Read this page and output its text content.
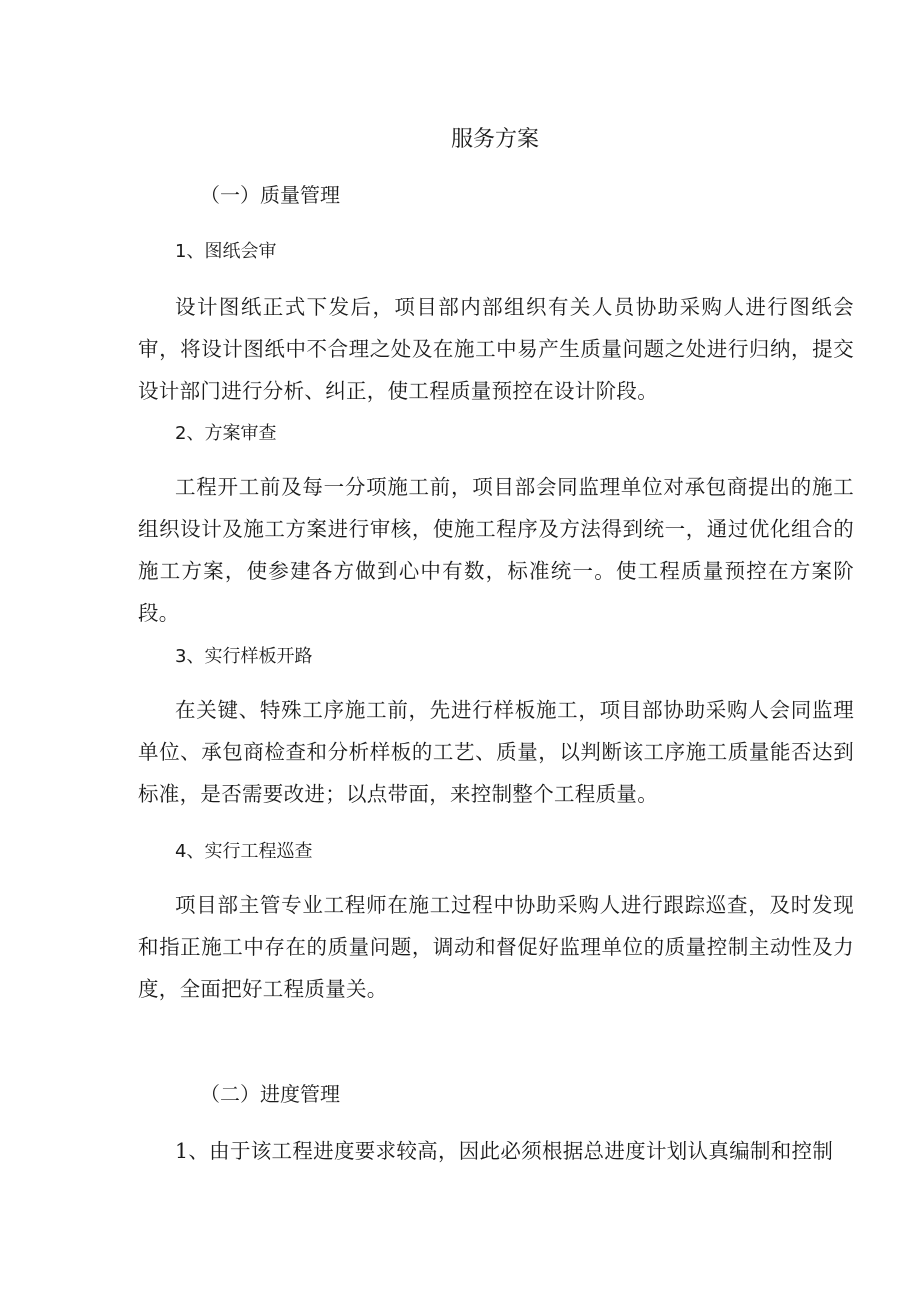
服务方案
（一）质量管理
1、图纸会审

设计图纸正式下发后，项目部内部组织有关人员协助采购人进行图纸会审，将设计图纸中不合理之处及在施工中易产生质量问题之处进行归纳，提交设计部门进行分析、纠正，使工程质量预控在设计阶段。

2、方案审查

工程开工前及每一分项施工前，项目部会同监理单位对承包商提出的施工组织设计及施工方案进行审核，使施工程序及方法得到统一，通过优化组合的施工方案，使参建各方做到心中有数，标准统一。使工程质量预控在方案阶段。

3、实行样板开路

在关键、特殊工序施工前，先进行样板施工，项目部协助采购人会同监理单位、承包商检查和分析样板的工艺、质量，以判断该工序施工质量能否达到标准，是否需要改进；以点带面，来控制整个工程质量。

4、实行工程巡查

项目部主管专业工程师在施工过程中协助采购人进行跟踪巡查，及时发现和指正施工中存在的质量问题，调动和督促好监理单位的质量控制主动性及力度，全面把好工程质量关。

（二）进度管理

1、由于该工程进度要求较高，因此必须根据总进度计划认真编制和控制
